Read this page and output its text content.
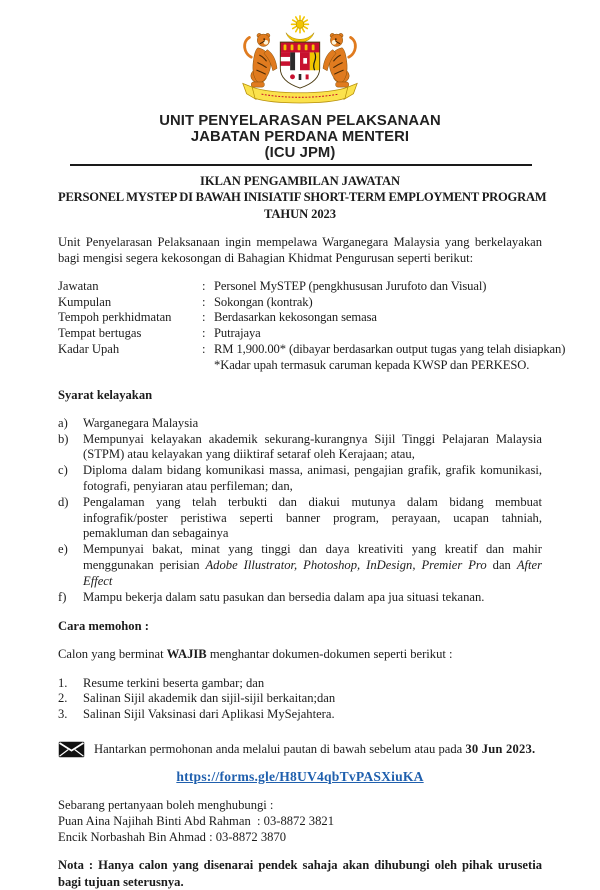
UNIT PENYELARASAN PELAKSANAAN
JABATAN PERDANA MENTERI
(ICU JPM)
IKLAN PENGAMBILAN JAWATAN
PERSONEL MYSTEP DI BAWAH INISIATIF SHORT-TERM EMPLOYMENT PROGRAM
TAHUN 2023

Unit Penyelarasan Pelaksanaan ingin mempelawa Warganegara Malaysia yang berkelayakan bagi mengisi segera kekosongan di Bahagian Khidmat Pengurusan seperti berikut:

Jawatan	: Personel MySTEP (pengkhususan Jurufoto dan Visual)
Kumpulan	: Sokongan (kontrak)
Tempoh perkhidmatan	: Berdasarkan kekosongan semasa
Tempat bertugas	: Putrajaya
Kadar Upah	: RM 1,900.00* (dibayar berdasarkan output tugas yang telah disiapkan)
*Kadar upah termasuk caruman kepada KWSP dan PERKESO.
Syarat kelayakan
a)	Warganegara Malaysia
b)	Mempunyai kelayakan akademik sekurang-kurangnya Sijil Tinggi Pelajaran Malaysia (STPM) atau kelayakan yang diiktiraf setaraf oleh Kerajaan; atau,
c)	Diploma dalam bidang komunikasi massa, animasi, pengajian grafik, grafik komunikasi, fotografi, penyiaran atau perfileman; dan,
d)	Pengalaman yang telah terbukti dan diakui mutunya dalam bidang membuat infografik/poster peristiwa seperti banner program, perayaan, ucapan tahniah, pemakluman dan sebagainya
e)	Mempunyai bakat, minat yang tinggi dan daya kreativiti yang kreatif dan mahir menggunakan perisian Adobe Illustrator, Photoshop, InDesign, Premier Pro dan After Effect
f)	Mampu bekerja dalam satu pasukan dan bersedia dalam apa jua situasi tekanan.
Cara memohon :

Calon yang berminat WAJIB menghantar dokumen-dokumen seperti berikut :

1.	Resume terkini beserta gambar; dan
2.	Salinan Sijil akademik dan sijil-sijil berkaitan;dan
3.	Salinan Sijil Vaksinasi dari Aplikasi MySejahtera.
Hantarkan permohonan anda melalui pautan di bawah sebelum atau pada 30 Jun 2023.
https://forms.gle/H8UV4qbTvPASXiuKA
Sebarang pertanyaan boleh menghubungi :
Puan Aina Najihah Binti Abd Rahman  : 03-8872 3821
Encik Norbashah Bin Ahmad : 03-8872 3870

Nota : Hanya calon yang disenarai pendek sahaja akan dihubungi oleh pihak urusetia bagi tujuan seterusnya.
